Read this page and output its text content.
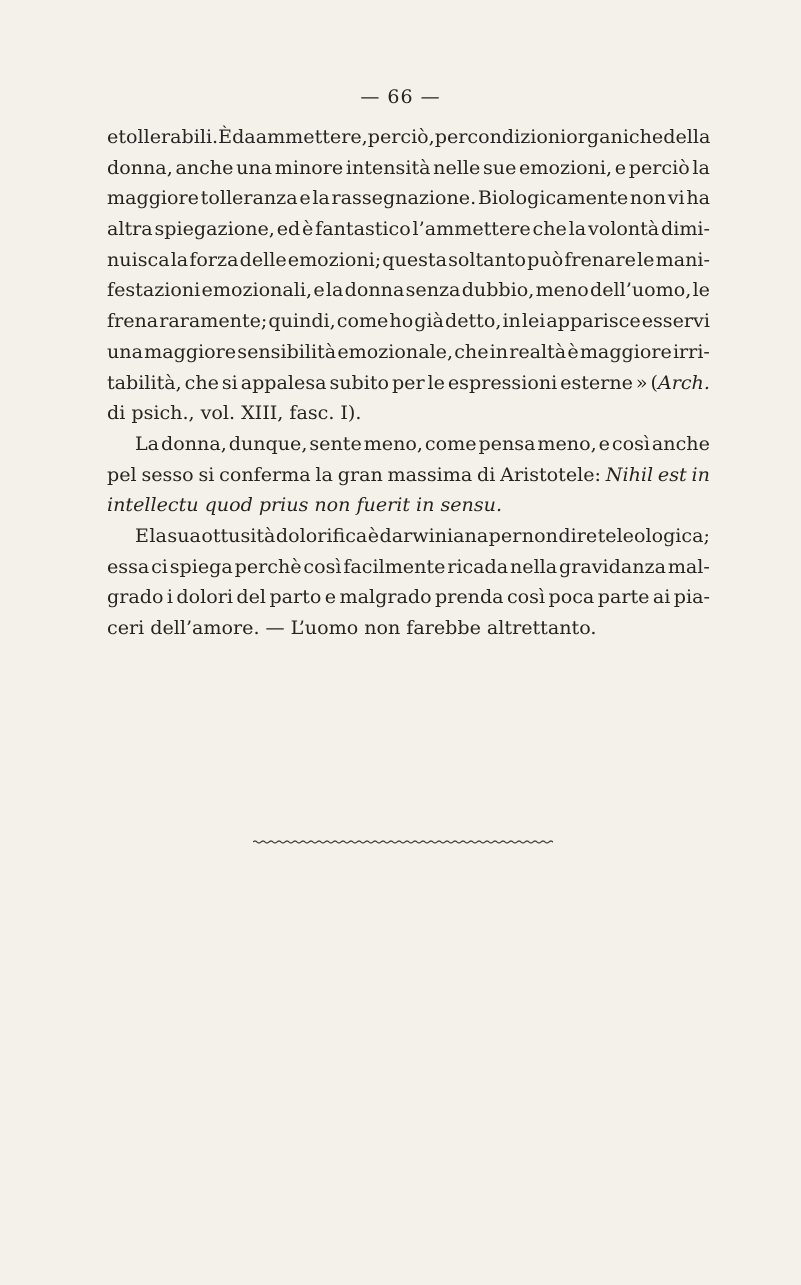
— 66 —
e tollerabili. È da ammettere, perciò, per condizioni organiche della
donna, anche una minore intensità nelle sue emozioni, e perciò la
maggiore tolleranza e la rassegnazione. Biologicamente non vi ha
altra spiegazione, ed è fantastico l’ammettere che la volontà dimi-
nuisca la forza delle emozioni; questa soltanto può frenare le mani-
festazioni emozionali, e la donna senza dubbio, meno dell’uomo, le
frena raramente; quindi, come ho già detto, in lei apparisce esservi
una maggiore sensibilità emozionale, che in realtà è maggiore irri-
tabilità, che si appalesa subito per le espressioni esterne » (Arch.
di psich., vol. XIII, fasc. I).
La donna, dunque, sente meno, come pensa meno, e così anche
pel sesso si conferma la gran massima di Aristotele: Nihil est in
intellectu quod prius non fuerit in sensu.
E la sua ottusità dolorifica è darwiniana per non dire teleologica;
essa ci spiega perchè così facilmente ricada nella gravidanza mal-
grado i dolori del parto e malgrado prenda così poca parte ai pia-
ceri dell’amore. — L’uomo non farebbe altrettanto.
